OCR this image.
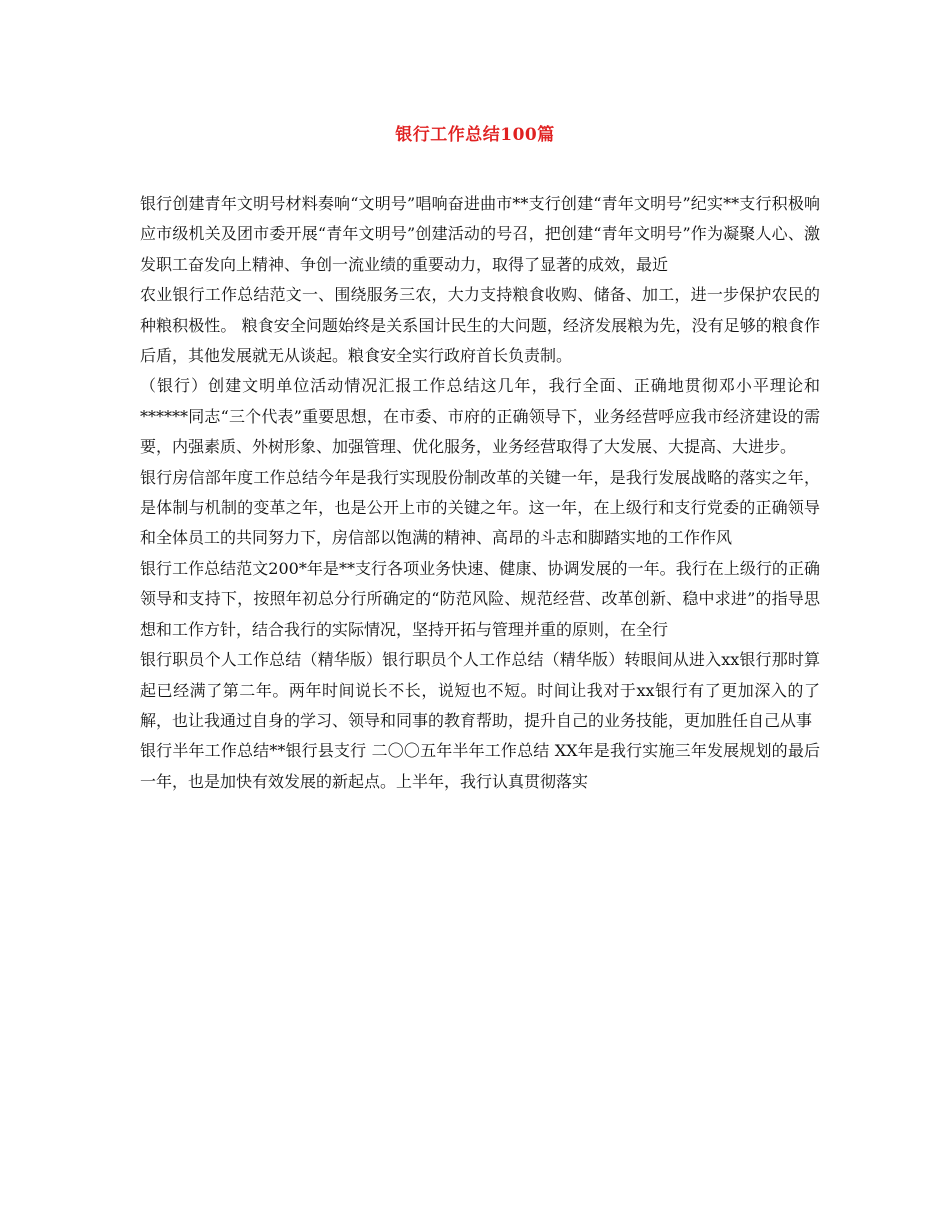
银行工作总结100篇

银行创建青年文明号材料奏响“文明号”唱响奋进曲市**支行创建“青年文明号”纪实**支行积极响应市级机关及团市委开展“青年文明号”创建活动的号召，把创建“青年文明号”作为凝聚人心、激发职工奋发向上精神、争创一流业绩的重要动力，取得了显著的成效，最近

农业银行工作总结范文一、围绕服务三农，大力支持粮食收购、储备、加工，进一步保护农民的种粮积极性。 粮食安全问题始终是关系国计民生的大问题，经济发展粮为先，没有足够的粮食作后盾，其他发展就无从谈起。粮食安全实行政府首长负责制。

（银行）创建文明单位活动情况汇报工作总结这几年，我行全面、正确地贯彻邓小平理论和******同志“三个代表”重要思想，在市委、市府的正确领导下，业务经营呼应我市经济建设的需要，内强素质、外树形象、加强管理、优化服务，业务经营取得了大发展、大提高、大进步。

银行房信部年度工作总结今年是我行实现股份制改革的关键一年，是我行发展战略的落实之年，是体制与机制的变革之年，也是公开上市的关键之年。这一年，在上级行和支行党委的正确领导和全体员工的共同努力下，房信部以饱满的精神、高昂的斗志和脚踏实地的工作作风

银行工作总结范文200*年是**支行各项业务快速、健康、协调发展的一年。我行在上级行的正确领导和支持下，按照年初总分行所确定的“防范风险、规范经营、改革创新、稳中求进”的指导思想和工作方针，结合我行的实际情况，坚持开拓与管理并重的原则，在全行

银行职员个人工作总结（精华版）银行职员个人工作总结（精华版）转眼间从进入xx银行那时算起已经满了第二年。两年时间说长不长，说短也不短。时间让我对于xx银行有了更加深入的了解，也让我通过自身的学习、领导和同事的教育帮助，提升自己的业务技能，更加胜任自己从事

银行半年工作总结**银行县支行 二〇〇五年半年工作总结 XX年是我行实施三年发展规划的最后一年，也是加快有效发展的新起点。上半年，我行认真贯彻落实
